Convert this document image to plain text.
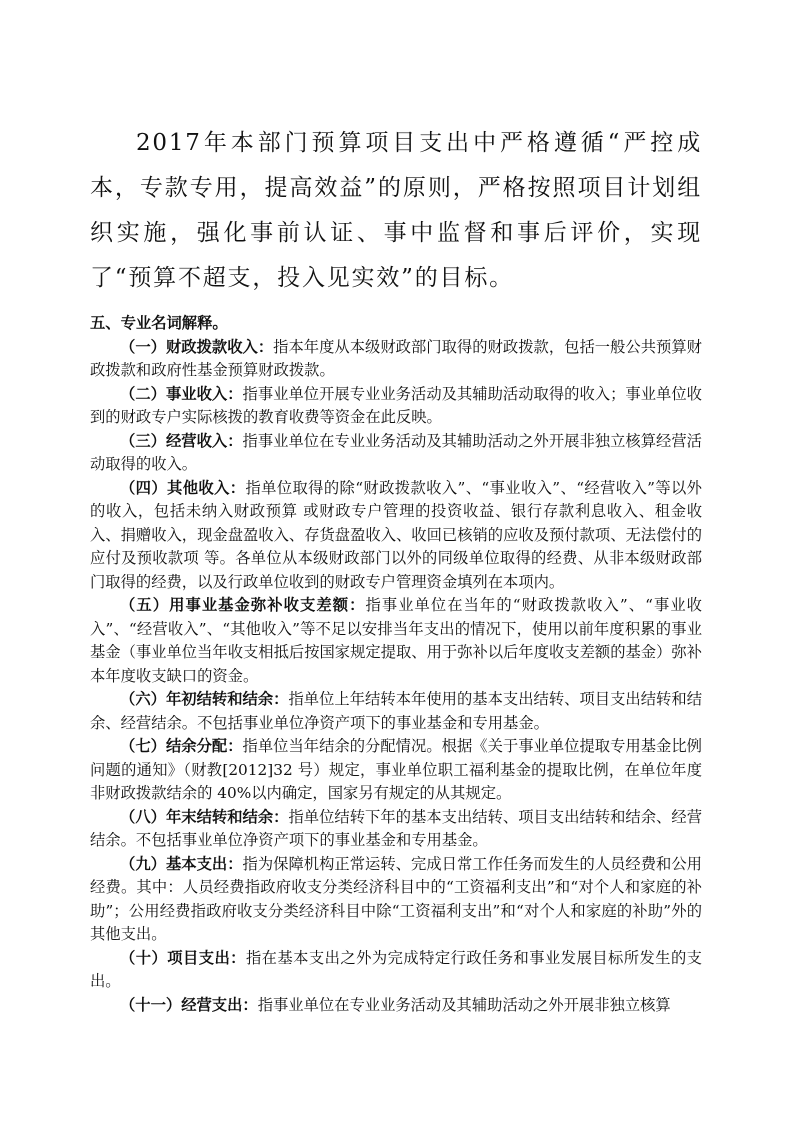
2017年本部门预算项目支出中严格遵循“严控成本，专款专用，提高效益”的原则，严格按照项目计划组织实施，强化事前认证、事中监督和事后评价，实现了“预算不超支，投入见实效”的目标。

五、专业名词解释。

（一）财政拨款收入：指本年度从本级财政部门取得的财政拨款，包括一般公共预算财政拨款和政府性基金预算财政拨款。

（二）事业收入：指事业单位开展专业业务活动及其辅助活动取得的收入；事业单位收到的财政专户实际核拨的教育收费等资金在此反映。

（三）经营收入：指事业单位在专业业务活动及其辅助活动之外开展非独立核算经营活动取得的收入。

（四）其他收入：指单位取得的除“财政拨款收入”、“事业收入”、“经营收入”等以外的收入，包括未纳入财政预算 或财政专户管理的投资收益、银行存款利息收入、租金收入、捐赠收入，现金盘盈收入、存货盘盈收入、收回已核销的应收及预付款项、无法偿付的应付及预收款项 等。各单位从本级财政部门以外的同级单位取得的经费、从非本级财政部门取得的经费，以及行政单位收到的财政专户管理资金填列在本项内。

（五）用事业基金弥补收支差额：指事业单位在当年的“财政拨款收入”、“事业收入”、“经营收入”、“其他收入”等不足以安排当年支出的情况下，使用以前年度积累的事业基金（事业单位当年收支相抵后按国家规定提取、用于弥补以后年度收支差额的基金）弥补本年度收支缺口的资金。

（六）年初结转和结余：指单位上年结转本年使用的基本支出结转、项目支出结转和结余、经营结余。不包括事业单位净资产项下的事业基金和专用基金。

（七）结余分配：指单位当年结余的分配情况。根据《关于事业单位提取专用基金比例问题的通知》（财教[2012]32 号）规定，事业单位职工福利基金的提取比例，在单位年度非财政拨款结余的 40%以内确定，国家另有规定的从其规定。

（八）年末结转和结余：指单位结转下年的基本支出结转、项目支出结转和结余、经营结余。不包括事业单位净资产项下的事业基金和专用基金。

（九）基本支出：指为保障机构正常运转、完成日常工作任务而发生的人员经费和公用经费。其中：人员经费指政府收支分类经济科目中的“工资福利支出”和“对个人和家庭的补助”；公用经费指政府收支分类经济科目中除“工资福利支出”和“对个人和家庭的补助”外的其他支出。

（十）项目支出：指在基本支出之外为完成特定行政任务和事业发展目标所发生的支出。

（十一）经营支出：指事业单位在专业业务活动及其辅助活动之外开展非独立核算
